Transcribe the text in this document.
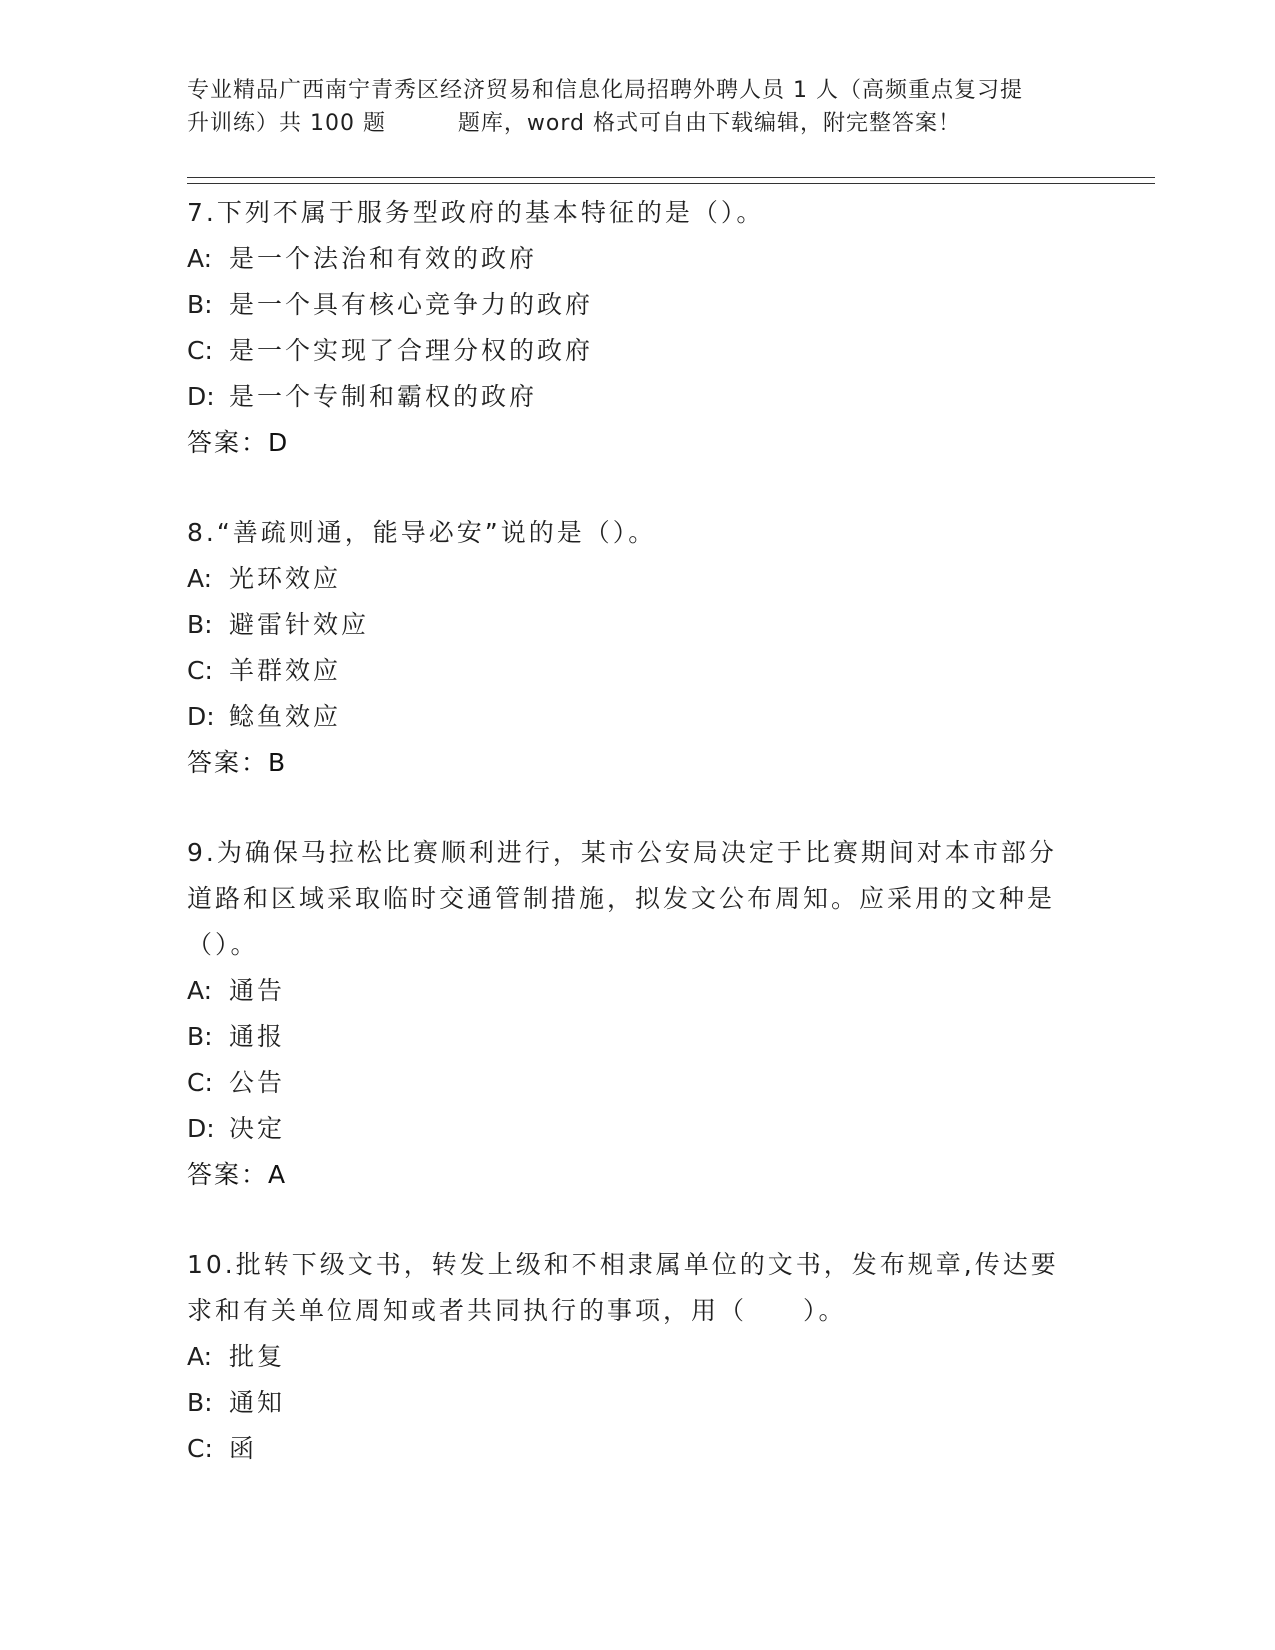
专业精品广西南宁青秀区经济贸易和信息化局招聘外聘人员 1 人（高频重点复习提
升训练）共 100 题         题库，word 格式可自由下载编辑，附完整答案！

7.下列不属于服务型政府的基本特征的是（）。

A: 是一个法治和有效的政府

B: 是一个具有核心竞争力的政府

C: 是一个实现了合理分权的政府

D: 是一个专制和霸权的政府

答案：D

8.“善疏则通，能导必安”说的是（）。

A: 光环效应

B: 避雷针效应

C: 羊群效应

D: 鲶鱼效应

答案：B

9.为确保马拉松比赛顺利进行，某市公安局决定于比赛期间对本市部分道路和区域采取临时交通管制措施，拟发文公布周知。应采用的文种是（）。

A: 通告

B: 通报

C: 公告

D: 决定

答案：A

10.批转下级文书，转发上级和不相隶属单位的文书，发布规章,传达要求和有关单位周知或者共同执行的事项，用（　　）。

A: 批复

B: 通知

C: 函
